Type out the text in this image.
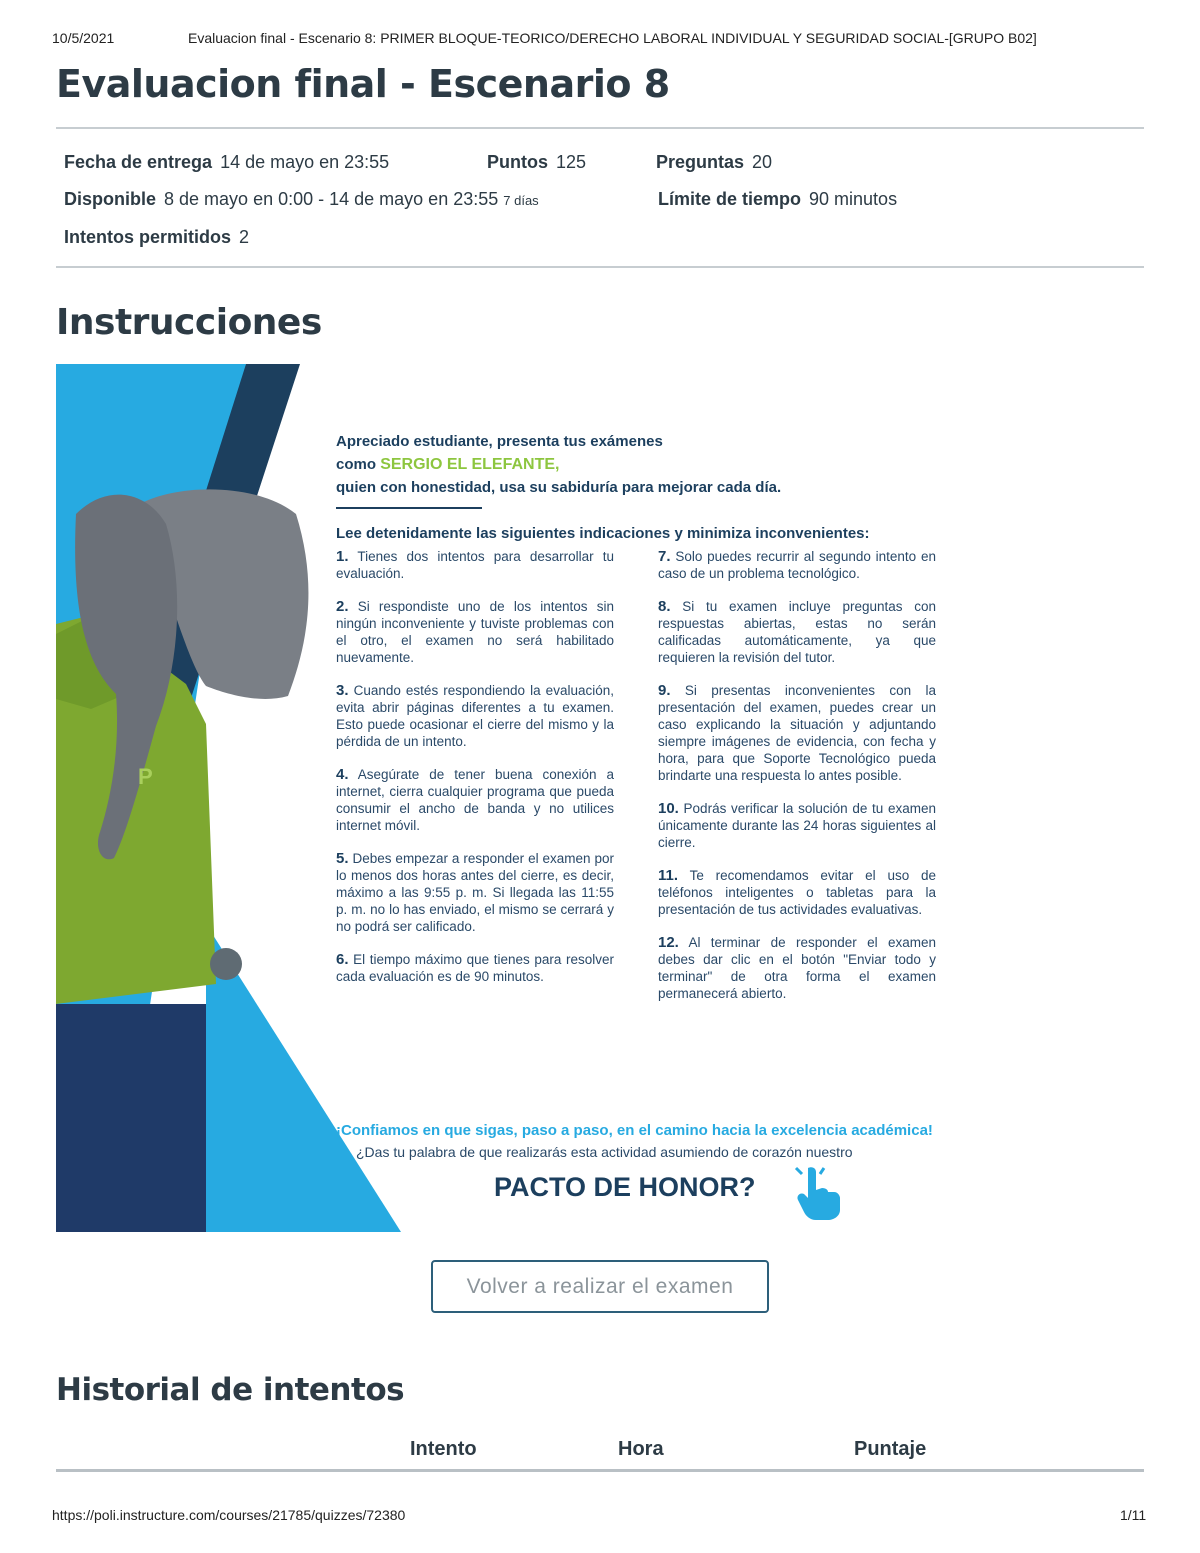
10/5/2021	Evaluacion final - Escenario 8: PRIMER BLOQUE-TEORICO/DERECHO LABORAL INDIVIDUAL Y SEGURIDAD SOCIAL-[GRUPO B02]
Evaluacion final - Escenario 8
Fecha de entrega 14 de mayo en 23:55	Puntos 125	Preguntas 20
Disponible 8 de mayo en 0:00 - 14 de mayo en 23:55 7 días	Límite de tiempo 90 minutos
Intentos permitidos 2
Instrucciones
P
Apreciado estudiante, presenta tus exámenes
como SERGIO EL ELEFANTE,
quien con honestidad, usa su sabiduría para mejorar cada día.
Lee detenidamente las siguientes indicaciones y minimiza inconvenientes:
1. Tienes dos intentos para desarrollar tu evaluación.
2. Si respondiste uno de los intentos sin ningún inconveniente y tuviste problemas con el otro, el examen no será habilitado nuevamente.
3. Cuando estés respondiendo la evaluación, evita abrir páginas diferentes a tu examen. Esto puede ocasionar el cierre del mismo y la pérdida de un intento.
4. Asegúrate de tener buena conexión a internet, cierra cualquier programa que pueda consumir el ancho de banda y no utilices internet móvil.
5. Debes empezar a responder el examen por lo menos dos horas antes del cierre, es decir, máximo a las 9:55 p. m. Si llegada las 11:55 p. m. no lo has enviado, el mismo se cerrará y no podrá ser calificado.
6. El tiempo máximo que tienes para resolver cada evaluación es de 90 minutos.
7. Solo puedes recurrir al segundo intento en caso de un problema tecnológico.
8. Si tu examen incluye preguntas con respuestas abiertas, estas no serán calificadas automáticamente, ya que requieren la revisión del tutor.
9. Si presentas inconvenientes con la presentación del examen, puedes crear un caso explicando la situación y adjuntando siempre imágenes de evidencia, con fecha y hora, para que Soporte Tecnológico pueda brindarte una respuesta lo antes posible.
10. Podrás verificar la solución de tu examen únicamente durante las 24 horas siguientes al cierre.
11. Te recomendamos evitar el uso de teléfonos inteligentes o tabletas para la presentación de tus actividades evaluativas.
12. Al terminar de responder el examen debes dar clic en el botón "Enviar todo y terminar" de otra forma el examen permanecerá abierto.
¡Confiamos en que sigas, paso a paso, en el camino hacia la excelencia académica!
¿Das tu palabra de que realizarás esta actividad asumiendo de corazón nuestro
PACTO DE HONOR?
Volver a realizar el examen
Historial de intentos
Intento	Hora	Puntaje
https://poli.instructure.com/courses/21785/quizzes/72380	1/11
